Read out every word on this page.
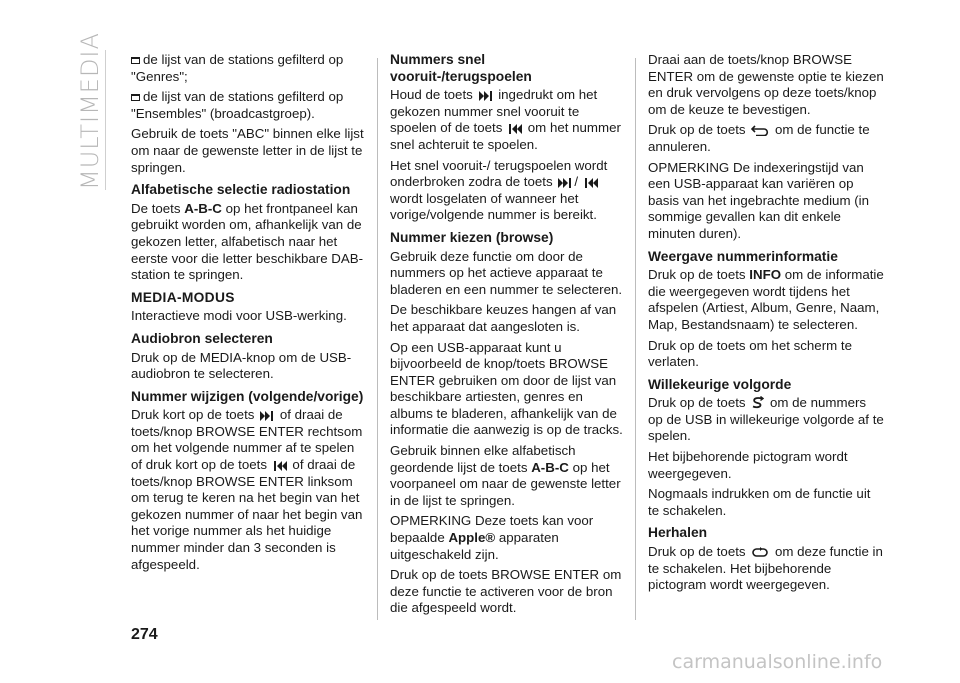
MULTIMEDIA	de lijst van de stations gefilterd op "Genres";

de lijst van de stations gefilterd op "Ensembles" (broadcastgroep).

Gebruik de toets "ABC" binnen elke lijst om naar de gewenste letter in de lijst te springen.

Alfabetische selectie radiostation

De toets A-B-C op het frontpaneel kan gebruikt worden om, afhankelijk van de gekozen letter, alfabetisch naar het eerste voor die letter beschikbare DAB-station te springen.

MEDIA-MODUS

Interactieve modi voor USB-werking.

Audiobron selecteren

Druk op de MEDIA-knop om de USB-audiobron te selecteren.

Nummer wijzigen (volgende/vorige)

Druk kort op de toets of draai de toets/knop BROWSE ENTER rechtsom om het volgende nummer af te spelen of druk kort op de toets of draai de toets/knop BROWSE ENTER linksom om terug te keren na het begin van het gekozen nummer of naar het begin van het vorige nummer als het huidige nummer minder dan 3 seconden is afgespeeld.

Nummers snel vooruit-/terugspoelen

Houd de toets ingedrukt om het gekozen nummer snel vooruit te spoelen of de toets om het nummer snel achteruit te spoelen.

Het snel vooruit-/ terugspoelen wordt onderbroken zodra de toets /  wordt losgelaten of wanneer het vorige/volgende nummer is bereikt.

Nummer kiezen (browse)

Gebruik deze functie om door de nummers op het actieve apparaat te bladeren en een nummer te selecteren.

De beschikbare keuzes hangen af van het apparaat dat aangesloten is.

Op een USB-apparaat kunt u bijvoorbeeld de knop/toets BROWSE ENTER gebruiken om door de lijst van beschikbare artiesten, genres en albums te bladeren, afhankelijk van de informatie die aanwezig is op de tracks.

Gebruik binnen elke alfabetisch geordende lijst de toets A-B-C op het voorpaneel om naar de gewenste letter in de lijst te springen.

OPMERKING Deze toets kan voor bepaalde Apple® apparaten uitgeschakeld zijn.

Druk op de toets BROWSE ENTER om deze functie te activeren voor de bron die afgespeeld wordt.

Draai aan de toets/knop BROWSE ENTER om de gewenste optie te kiezen en druk vervolgens op deze toets/knop om de keuze te bevestigen.

Druk op de toets om de functie te annuleren.

OPMERKING De indexeringstijd van een USB-apparaat kan variëren op basis van het ingebrachte medium (in sommige gevallen kan dit enkele minuten duren).

Weergave nummerinformatie

Druk op de toets INFO om de informatie die weergegeven wordt tijdens het afspelen (Artiest, Album, Genre, Naam, Map, Bestandsnaam) te selecteren.

Druk op de toets om het scherm te verlaten.

Willekeurige volgorde

Druk op de toets om de nummers op de USB in willekeurige volgorde af te spelen.

Het bijbehorende pictogram wordt weergegeven.

Nogmaals indrukken om de functie uit te schakelen.

Herhalen

Druk op de toets om deze functie in te schakelen. Het bijbehorende pictogram wordt weergegeven.

274
carmanualsonline.info
